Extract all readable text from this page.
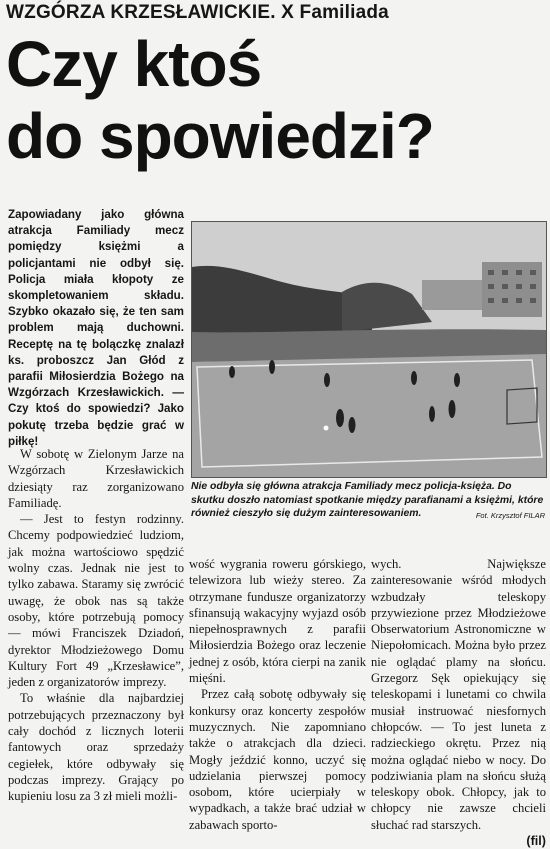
WZGÓRZA KRZESŁAWICKIE. X Familiada
Czy ktoś
do spowiedzi?
Zapowiadany jako główna atrakcja Familiady mecz pomiędzy księżmi a policjantami nie odbył się. Policja miała kłopoty ze skompletowaniem składu. Szybko okazało się, że ten sam problem mają duchowni. Receptę na tę bolączkę znalazł ks. proboszcz Jan Głód z parafii Miłosierdzia Bożego na Wzgórzach Krzesławickich. — Czy ktoś do spowiedzi? Jako pokutę trzeba będzie grać w piłkę!

W sobotę w Zielonym Jarze na Wzgórzach Krzesławickich dziesiąty raz zorganizowano Familiadę.

— Jest to festyn rodzinny. Chcemy podpowiedzieć ludziom, jak można wartościowo spędzić wolny czas. Jednak nie jest to tylko zabawa. Staramy się zwrócić uwagę, że obok nas są także osoby, które potrzebują pomocy — mówi Franciszek Dziadoń, dyrektor Młodzieżowego Domu Kultury Fort 49 „Krzesławice”, jeden z organizatorów imprezy.

To właśnie dla najbardziej potrzebujących przeznaczony był cały dochód z licznych loterii fantowych oraz sprzedaży cegiełek, które odbywały się podczas imprezy. Grający po kupieniu losu za 3 zł mieli możli-

Nie odbyła się główna atrakcja Familiady mecz policja-księża. Do skutku doszło natomiast spotkanie między parafianami a księżmi, które również cieszyło się dużym zainteresowaniem.	Fot. Krzysztof FILAR

wość wygrania roweru górskiego, telewizora lub wieży stereo. Za otrzymane fundusze organizatorzy sfinansują wakacyjny wyjazd osób niepełnosprawnych z parafii Miłosierdzia Bożego oraz leczenie jednej z osób, która cierpi na zanik mięśni.

Przez całą sobotę odbywały się konkursy oraz koncerty zespołów muzycznych. Nie zapomniano także o atrakcjach dla dzieci. Mogły jeździć konno, uczyć się udzielania pierwszej pomocy osobom, które ucierpiały w wypadkach, a także brać udział w zabawach sporto-

wych. Największe zainteresowanie wśród młodych wzbudzały teleskopy przywiezione przez Młodzieżowe Obserwatorium Astronomiczne w Niepołomicach. Można było przez nie oglądać plamy na słońcu. Grzegorz Sęk opiekujący się teleskopami i lunetami co chwila musiał instruować niesfornych chłopców. — To jest luneta z radzieckiego okrętu. Przez nią można oglądać niebo w nocy. Do podziwiania plam na słońcu służą teleskopy obok. Chłopcy, jak to chłopcy nie zawsze chcieli słuchać rad starszych.

(fil)
